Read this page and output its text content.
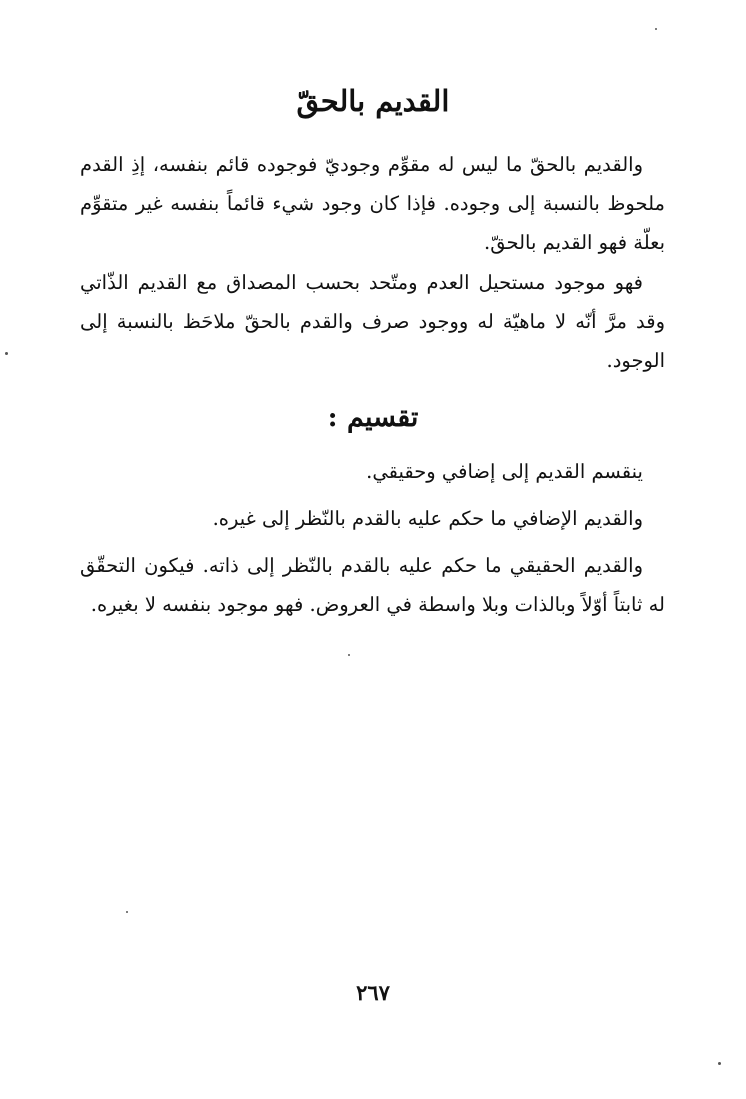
القديم بالحقّ
والقديم بالحقّ ما ليس له مقوِّم وجوديّ فوجوده قائم بنفسه، إذِ القدم ملحوظ بالنسبة إلى وجوده. فإذا كان وجود شيء قائماً بنفسه غير متقوِّم بعلّة فهو القديم بالحقّ.
فهو موجود مستحيل العدم ومتّحد بحسب المصداق مع القديم الذّاتي وقد مرَّ أنّه لا ماهيّة له ووجود صرف والقدم بالحقّ ملاحَظ بالنسبة إلى الوجود.
تقسيم :
ينقسم القديم إلى إضافي وحقيقي.
والقديم الإضافي ما حكم عليه بالقدم بالنّظر إلى غيره.
والقديم الحقيقي ما حكم عليه بالقدم بالنّظر إلى ذاته. فيكون التحقّق له ثابتاً أوّلاً وبالذات وبلا واسطة في العروض. فهو موجود بنفسه لا بغيره.
٢٦٧
